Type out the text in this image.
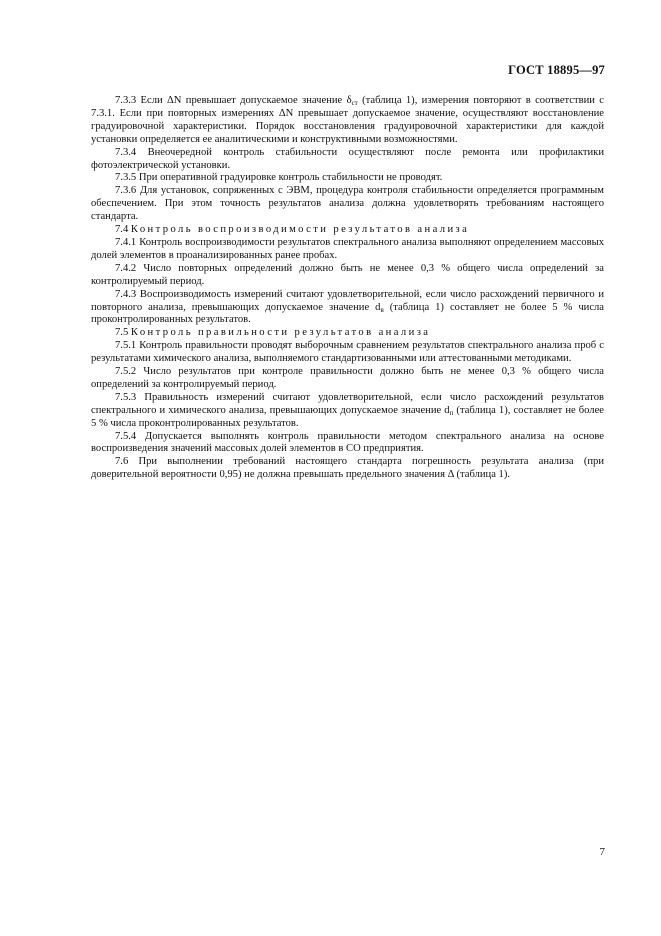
ГОСТ 18895—97

7.3.3 Если ΔN превышает допускаемое значение $\delta_{ст}$ (таблица 1), измерения повторяют в соответствии с 7.3.1. Если при повторных измерениях ΔN превышает допускаемое значение, осуществляют восстановление градуировочной характеристики. Порядок восстановления градуировочной характеристики для каждой установки определяется ее аналитическими и конструктивными возможностями.

7.3.4 Внеочередной контроль стабильности осуществляют после ремонта или профилактики фотоэлектрической установки.

7.3.5 При оперативной градуировке контроль стабильности не проводят.

7.3.6 Для установок, сопряженных с ЭВМ, процедура контроля стабильности определяется программным обеспечением. При этом точность результатов анализа должна удовлетворять требованиям настоящего стандарта.

7.4 Контроль воспроизводимости результатов анализа

7.4.1 Контроль воспроизводимости результатов спектрального анализа выполняют определением массовых долей элементов в проанализированных ранее пробах.

7.4.2 Число повторных определений должно быть не менее 0,3 % общего числа определений за контролируемый период.

7.4.3 Воспроизводимость измерений считают удовлетворительной, если число расхождений первичного и повторного анализа, превышающих допускаемое значение $d_в$ (таблица 1) составляет не более 5 % числа проконтролированных результатов.

7.5 Контроль правильности результатов анализа

7.5.1 Контроль правильности проводят выборочным сравнением результатов спектрального анализа проб с результатами химического анализа, выполняемого стандартизованными или аттестованными методиками.

7.5.2 Число результатов при контроле правильности должно быть не менее 0,3 % общего числа определений за контролируемый период.

7.5.3 Правильность измерений считают удовлетворительной, если число расхождений результатов спектрального и химического анализа, превышающих допускаемое значение $d_п$ (таблица 1), составляет не более 5 % числа проконтролированных результатов.

7.5.4 Допускается выполнять контроль правильности методом спектрального анализа на основе воспроизведения значений массовых долей элементов в СО предприятия.

7.6 При выполнении требований настоящего стандарта погрешность результата анализа (при доверительной вероятности 0,95) не должна превышать предельного значения Δ (таблица 1).

7
